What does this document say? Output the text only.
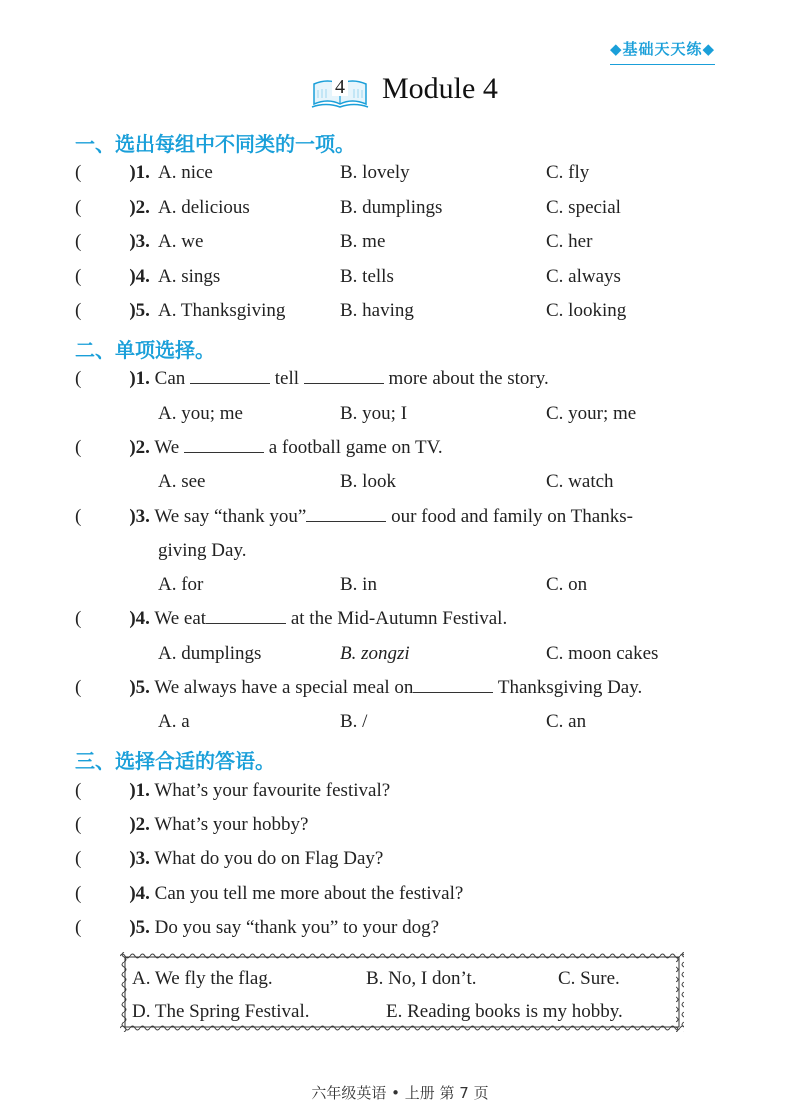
◆基础天天练◆
4 Module 4
一、选出每组中不同类的一项。
(	)1. A. nice	B. lovely	C. fly
(	)2. A. delicious	B. dumplings	C. special
(	)3. A. we	B. me	C. her
(	)4. A. sings	B. tells	C. always
(	)5. A. Thanksgiving	B. having	C. looking
二、单项选择。
(	)1. Can	tell	more about the story.
A. you; me	B. you; I	C. your; me
(	)2. We	a football game on TV.
A. see	B. look	C. watch
(	)3. We say “thank you”	our food and family on Thanks-
giving Day.
A. for	B. in	C. on
(	)4. We eat	at the Mid-Autumn Festival.
A. dumplings	B. zongzi	C. moon cakes
(	)5. We always have a special meal on	Thanksgiving Day.
A. a	B. /	C. an
三、选择合适的答语。
(	)1. What’s your favourite festival?
(	)2. What’s your hobby?
(	)3. What do you do on Flag Day?
(	)4. Can you tell me more about the festival?
(	)5. Do you say “thank you” to your dog?
A. We fly the flag.	B. No, I don’t.	C. Sure.
D. The Spring Festival.	E. Reading books is my hobby.
六年级英语 • 上册 第 7 页
